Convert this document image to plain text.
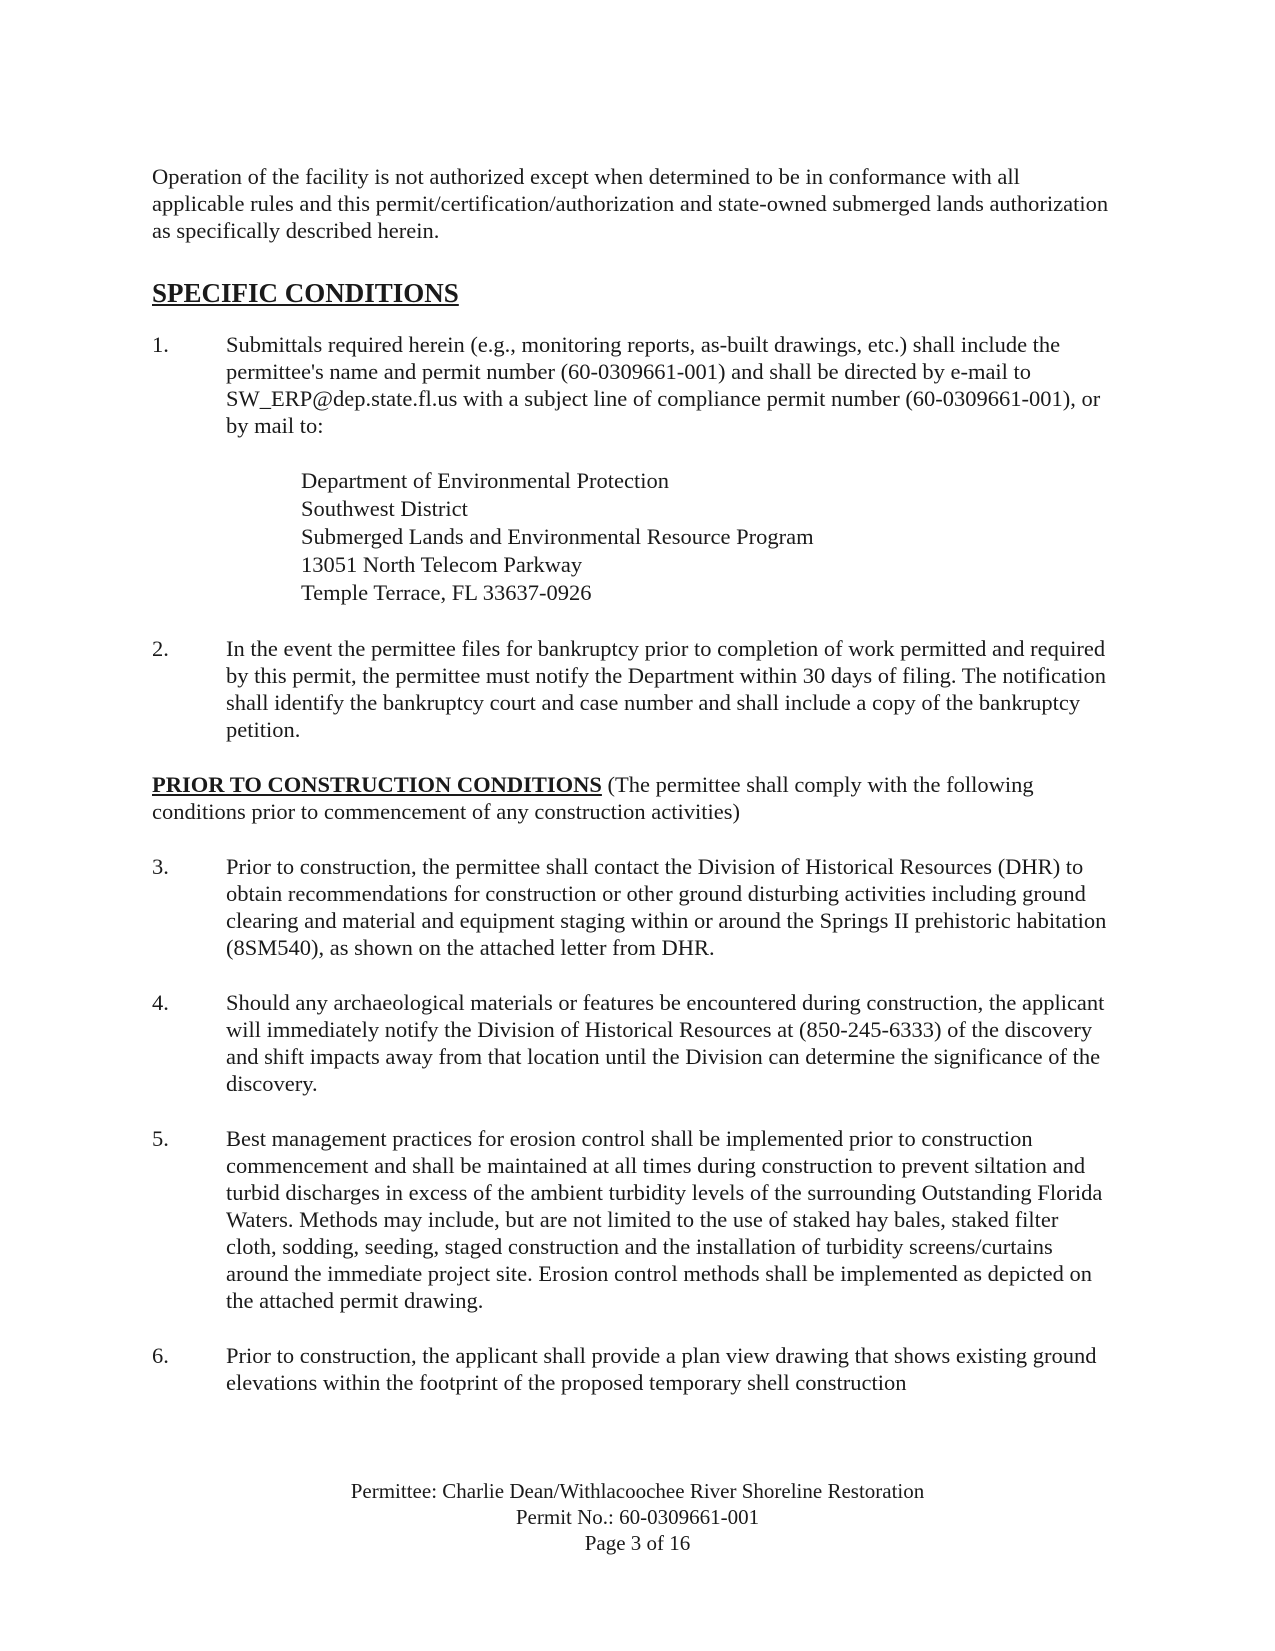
Operation of the facility is not authorized except when determined to be in conformance with all applicable rules and this permit/certification/authorization and state-owned submerged lands authorization as specifically described herein.

SPECIFIC CONDITIONS
1.	Submittals required herein (e.g., monitoring reports, as-built drawings, etc.) shall include the permittee's name and permit number (60-0309661-001) and shall be directed by e-mail to SW_ERP@dep.state.fl.us with a subject line of compliance permit number (60-0309661-001), or by mail to:

Department of Environmental Protection
Southwest District
Submerged Lands and Environmental Resource Program
13051 North Telecom Parkway
Temple Terrace, FL 33637-0926
2.	In the event the permittee files for bankruptcy prior to completion of work permitted and required by this permit, the permittee must notify the Department within 30 days of filing. The notification shall identify the bankruptcy court and case number and shall include a copy of the bankruptcy petition.

PRIOR TO CONSTRUCTION CONDITIONS (The permittee shall comply with the following conditions prior to commencement of any construction activities)

3.	Prior to construction, the permittee shall contact the Division of Historical Resources (DHR) to obtain recommendations for construction or other ground disturbing activities including ground clearing and material and equipment staging within or around the Springs II prehistoric habitation (8SM540), as shown on the attached letter from DHR.
4.	Should any archaeological materials or features be encountered during construction, the applicant will immediately notify the Division of Historical Resources at (850-245-6333) of the discovery and shift impacts away from that location until the Division can determine the significance of the discovery.
5.	Best management practices for erosion control shall be implemented prior to construction commencement and shall be maintained at all times during construction to prevent siltation and turbid discharges in excess of the ambient turbidity levels of the surrounding Outstanding Florida Waters. Methods may include, but are not limited to the use of staked hay bales, staked filter cloth, sodding, seeding, staged construction and the installation of turbidity screens/curtains around the immediate project site. Erosion control methods shall be implemented as depicted on the attached permit drawing.
6.	Prior to construction, the applicant shall provide a plan view drawing that shows existing ground elevations within the footprint of the proposed temporary shell construction
Permittee: Charlie Dean/Withlacoochee River Shoreline Restoration
Permit No.: 60-0309661-001
Page 3 of 16
